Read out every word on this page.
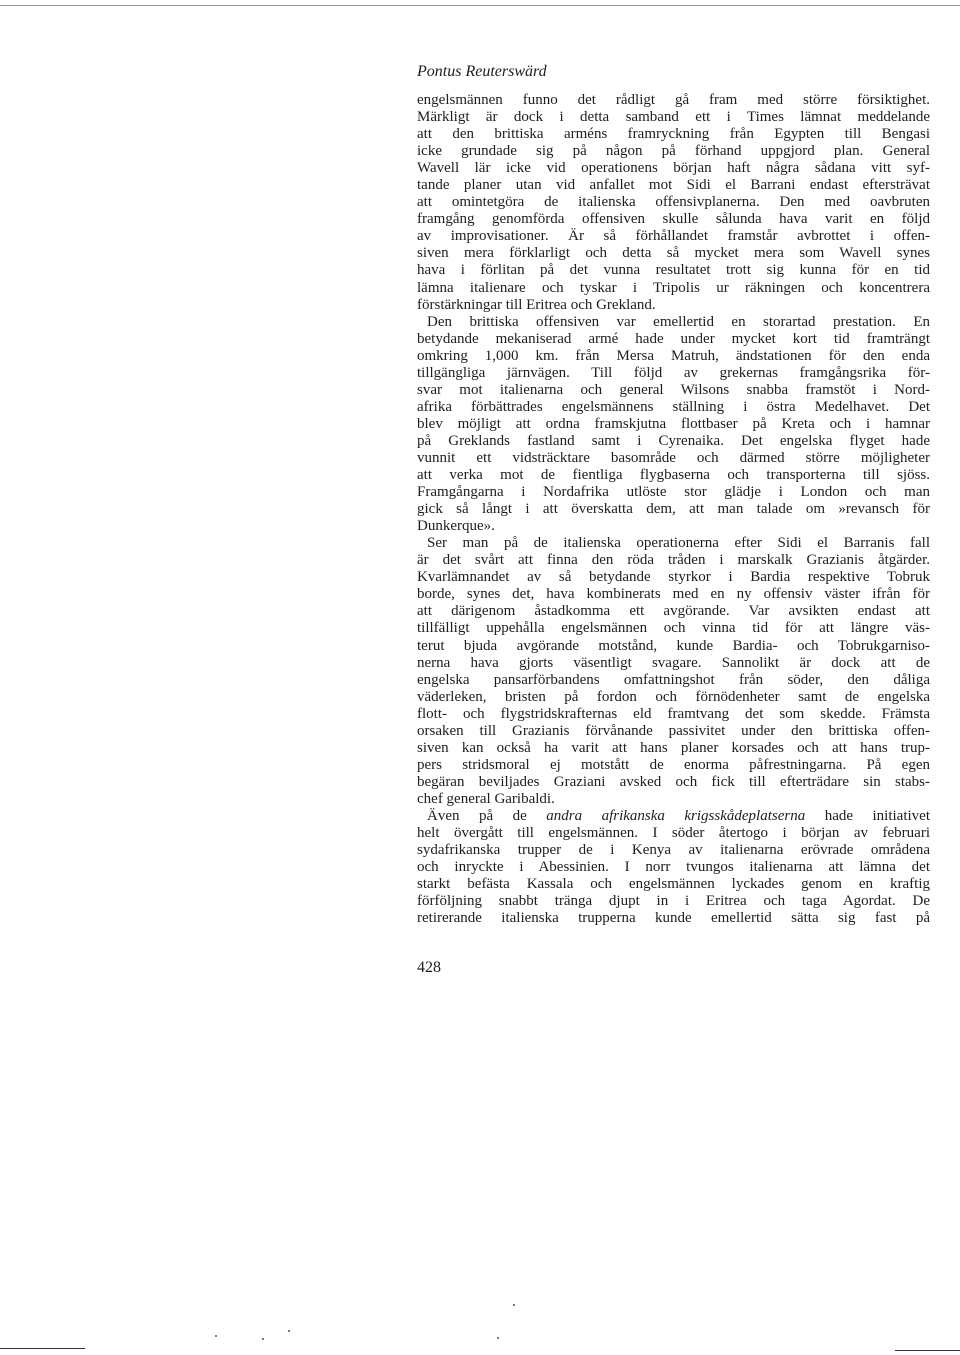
Pontus Reuterswärd
engelsmännen funno det rådligt gå fram med större försiktighet.
Märkligt är dock i detta samband ett i Times lämnat meddelande
att den brittiska arméns framryckning från Egypten till Bengasi
icke grundade sig på någon på förhand uppgjord plan. General
Wavell lär icke vid operationens början haft några sådana vitt syf-
tande planer utan vid anfallet mot Sidi el Barrani endast eftersträvat
att omintetgöra de italienska offensivplanerna. Den med oavbruten
framgång genomförda offensiven skulle sålunda hava varit en följd
av improvisationer. Är så förhållandet framstår avbrottet i offen-
siven mera förklarligt och detta så mycket mera som Wavell synes
hava i förlitan på det vunna resultatet trott sig kunna för en tid
lämna italienare och tyskar i Tripolis ur räkningen och koncentrera
förstärkningar till Eritrea och Grekland.
Den brittiska offensiven var emellertid en storartad prestation. En
betydande mekaniserad armé hade under mycket kort tid framträngt
omkring 1,000 km. från Mersa Matruh, ändstationen för den enda
tillgängliga järnvägen. Till följd av grekernas framgångsrika för-
svar mot italienarna och general Wilsons snabba framstöt i Nord-
afrika förbättrades engelsmännens ställning i östra Medelhavet. Det
blev möjligt att ordna framskjutna flottbaser på Kreta och i hamnar
på Greklands fastland samt i Cyrenaika. Det engelska flyget hade
vunnit ett vidsträcktare basområde och därmed större möjligheter
att verka mot de fientliga flygbaserna och transporterna till sjöss.
Framgångarna i Nordafrika utlöste stor glädje i London och man
gick så långt i att överskatta dem, att man talade om »revansch för
Dunkerque».
Ser man på de italienska operationerna efter Sidi el Barranis fall
är det svårt att finna den röda tråden i marskalk Grazianis åtgärder.
Kvarlämnandet av så betydande styrkor i Bardia respektive Tobruk
borde, synes det, hava kombinerats med en ny offensiv väster ifrån för
att därigenom åstadkomma ett avgörande. Var avsikten endast att
tillfälligt uppehålla engelsmännen och vinna tid för att längre väs-
terut bjuda avgörande motstånd, kunde Bardia- och Tobrukgarniso-
nerna hava gjorts väsentligt svagare. Sannolikt är dock att de
engelska pansarförbandens omfattningshot från söder, den dåliga
väderleken, bristen på fordon och förnödenheter samt de engelska
flott- och flygstridskrafternas eld framtvang det som skedde. Främsta
orsaken till Grazianis förvånande passivitet under den brittiska offen-
siven kan också ha varit att hans planer korsades och att hans trup-
pers stridsmoral ej motstått de enorma påfrestningarna. På egen
begäran beviljades Graziani avsked och fick till efterträdare sin stabs-
chef general Garibaldi.
Även på de andra afrikanska krigsskådeplatserna hade initiativet
helt övergått till engelsmännen. I söder återtogo i början av februari
sydafrikanska trupper de i Kenya av italienarna erövrade områdena
och inryckte i Abessinien. I norr tvungos italienarna att lämna det
starkt befästa Kassala och engelsmännen lyckades genom en kraftig
förföljning snabbt tränga djupt in i Eritrea och taga Agordat. De
retirerande italienska trupperna kunde emellertid sätta sig fast på
428
